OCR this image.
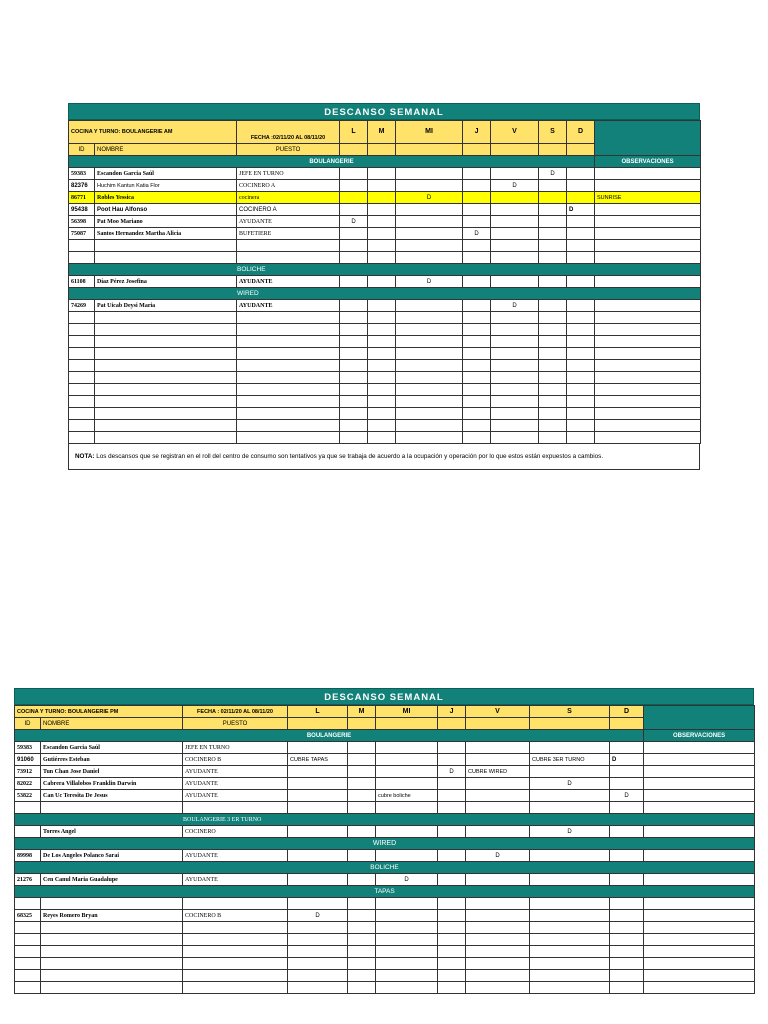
DESCANSO SEMANAL
COCINA Y TURNO: BOULANGERIE AM		FECHA :02/11/20 AL 08/11/20	L	M	MI	J	V	S	D	

ID	NOMBRE	PUESTO								
BOULANGERIE										OBSERVACIONES
59383	Escandon Garcia Saúl	JEFE EN TURNO						D		
82376	Huchim Kantun Katia Flor	COCINERO A					D			
86771	Robles Yessica	cocinera			D					SUNRISE
95438	Poot Hau Alfonso	COCINERO A							D	
56398	Pat Moo Mariano	AYUDANTE	D							
75087	Santos Hernandez Martha Alicia	BUFETIERE				D				

BOLICHE										
61108	Díaz Pérez Josefina	AYUDANTE			D					
WIRED										
74269	Pat Uicab Deysi Maria	AYUDANTE					D			

NOTA: Los descansos que se registran en el roll del centro de consumo son tentativos ya que se trabaja de acuerdo a la ocupación y operación por lo que estos están expuestos a cambios.
DESCANSO SEMANAL
COCINA Y TURNO: BOULANGERIE PM		FECHA : 02/11/20 AL 08/11/20	L	M	MI	J	V	S	D	
ID	NOMBRE	PUESTO								
BOULANGERIE										OBSERVACIONES
59383	Escandon Garcia Saúl	JEFE EN TURNO								
91060	Gutiérres Esteban	COCINERO B	CUBRE TAPAS					CUBRE 3ER TURNO	D	
73912	Tun Chan Jose Daniel	AYUDANTE				D	CUBRE WIRED			
82022	Cabrera Villalobos Franklin Darwin	AYUDANTE						D		
53822	Can Uc Teresita De Jesus	AYUDANTE			cubre boliche				D	

BOULANGERIE 3 ER TURNO										
	Torres Angel	COCINERO						D		
WIRED										
89998	De Los Angeles Polanco Sarai	AYUDANTE					D			
BOLICHE										
21276	Cen Canul Maria Guadalupe	AYUDANTE			D					
TAPAS										

68325	Reyes Romero Bryan	COCINERO B	D							
